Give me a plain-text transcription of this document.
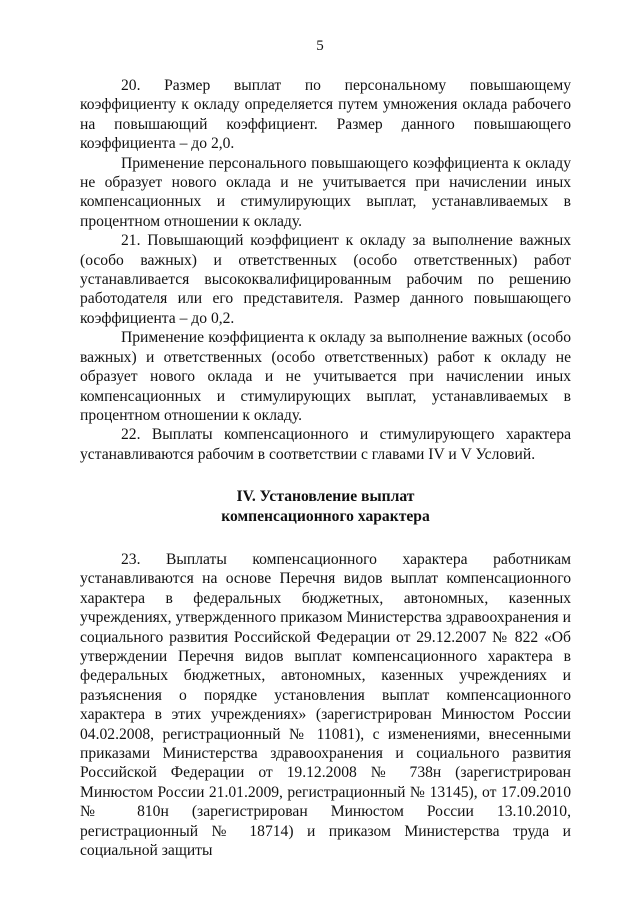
5

20. Размер выплат по персональному повышающему коэффициенту к окладу определяется путем умножения оклада рабочего на повышающий коэффициент. Размер данного повышающего коэффициента – до 2,0.

Применение персонального повышающего коэффициента к окладу не образует нового оклада и не учитывается при начислении иных компенсационных и стимулирующих выплат, устанавливаемых в процентном отношении к окладу.

21. Повышающий коэффициент к окладу за выполнение важных (особо важных) и ответственных (особо ответственных) работ устанавливается высококвалифицированным рабочим по решению работодателя или его представителя. Размер данного повышающего коэффициента – до 0,2.

Применение коэффициента к окладу за выполнение важных (особо важных) и ответственных (особо ответственных) работ к окладу не образует нового оклада и не учитывается при начислении иных компенсационных и стимулирующих выплат, устанавливаемых в процентном отношении к окладу.

22. Выплаты компенсационного и стимулирующего характера устанавливаются рабочим в соответствии с главами IV и V Условий.

IV. Установление выплат
компенсационного характера

23. Выплаты компенсационного характера работникам устанавливаются на основе Перечня видов выплат компенсационного характера в федеральных бюджетных, автономных, казенных учреждениях, утвержденного приказом Министерства здравоохранения и социального развития Российской Федерации от 29.12.2007 № 822 «Об утверждении Перечня видов выплат компенсационного характера в федеральных бюджетных, автономных, казенных учреждениях и разъяснения о порядке установления выплат компенсационного характера в этих учреждениях» (зарегистрирован Минюстом России 04.02.2008, регистрационный № 11081), с изменениями, внесенными приказами Министерства здравоохранения и социального развития Российской Федерации от 19.12.2008 № 738н (зарегистрирован Минюстом России 21.01.2009, регистрационный № 13145), от 17.09.2010 № 810н (зарегистрирован Минюстом России 13.10.2010, регистрационный № 18714) и приказом Министерства труда и социальной защиты
